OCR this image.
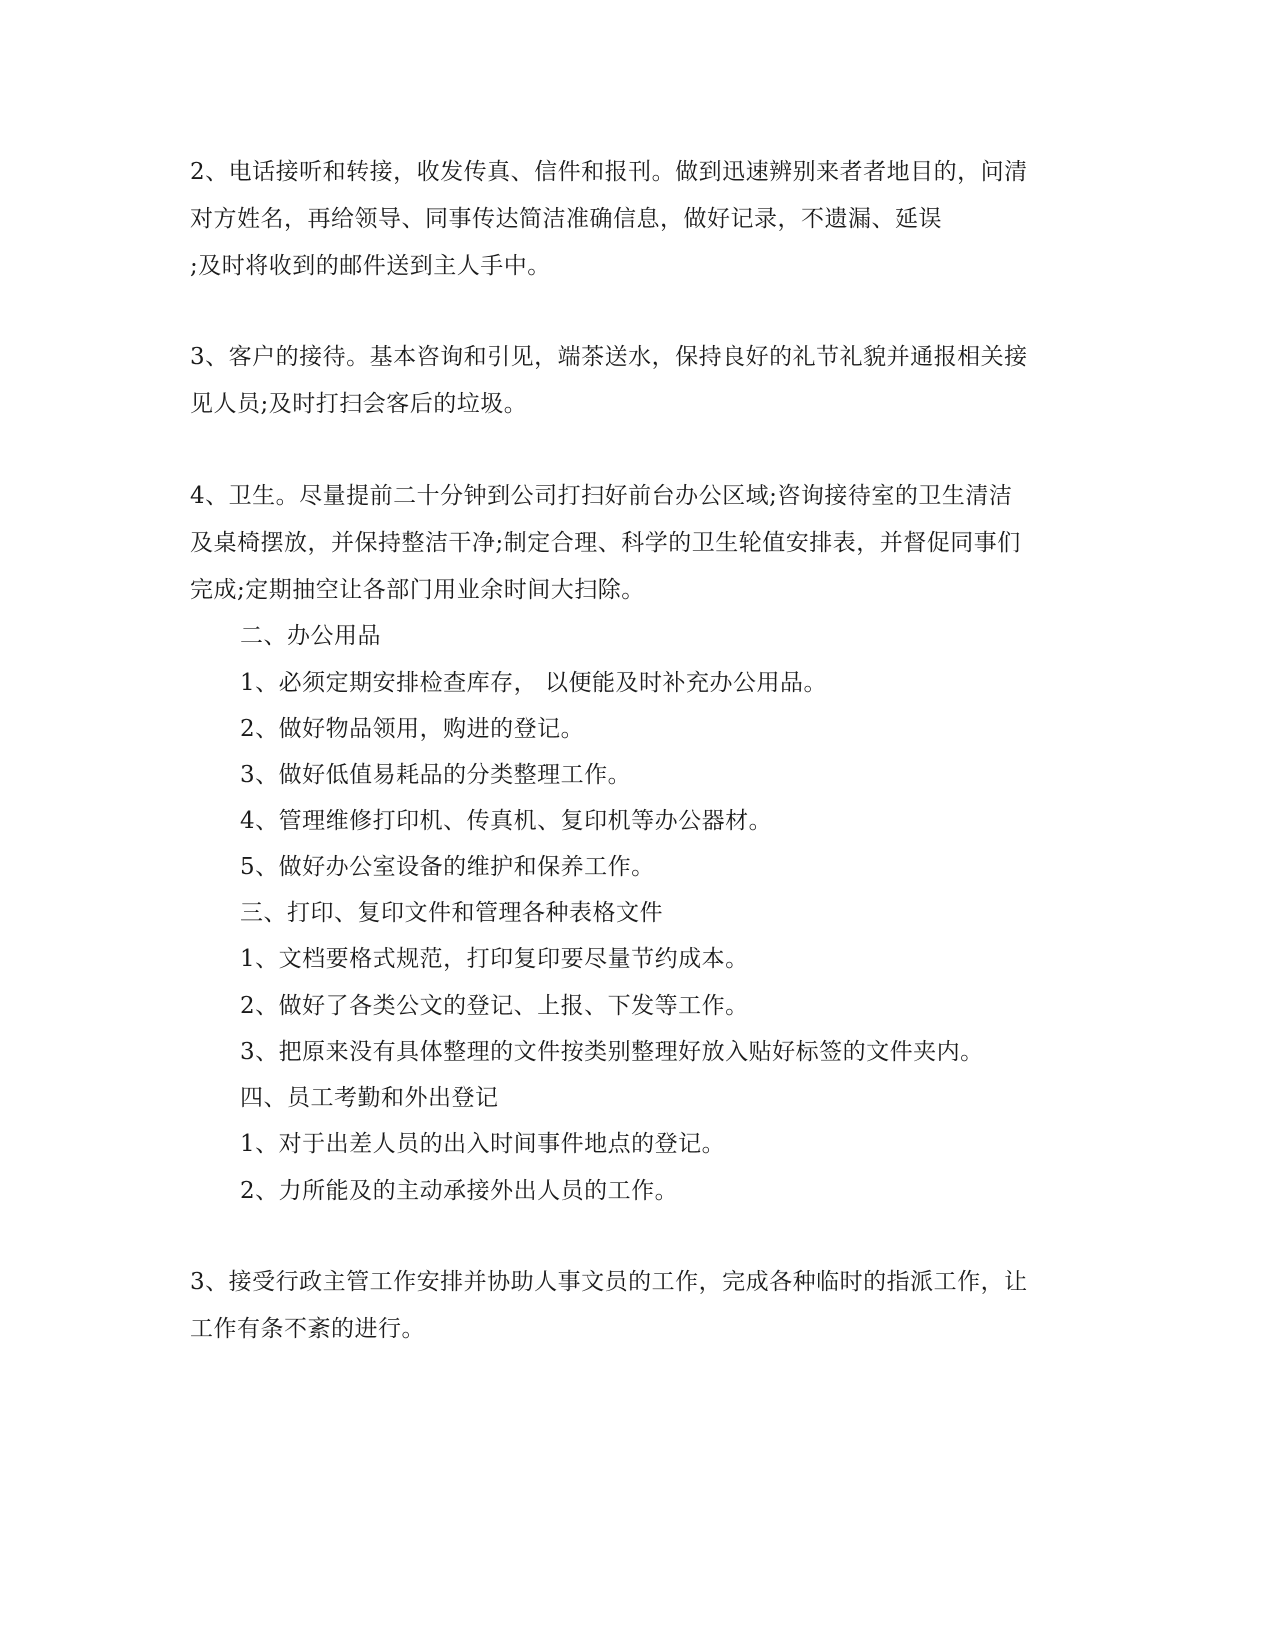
2、电话接听和转接，收发传真、信件和报刊。做到迅速辨别来者者地目的，问清
对方姓名，再给领导、同事传达简洁准确信息，做好记录，不遗漏、延误
;及时将收到的邮件送到主人手中。
3、客户的接待。基本咨询和引见，端茶送水，保持良好的礼节礼貌并通报相关接
见人员;及时打扫会客后的垃圾。
4、卫生。尽量提前二十分钟到公司打扫好前台办公区域;咨询接待室的卫生清洁
及桌椅摆放，并保持整洁干净;制定合理、科学的卫生轮值安排表，并督促同事们
完成;定期抽空让各部门用业余时间大扫除。
二、办公用品
1、必须定期安排检查库存， 以便能及时补充办公用品。
2、做好物品领用，购进的登记。
3、做好低值易耗品的分类整理工作。
4、管理维修打印机、传真机、复印机等办公器材。
5、做好办公室设备的维护和保养工作。
三、打印、复印文件和管理各种表格文件
1、文档要格式规范，打印复印要尽量节约成本。
2、做好了各类公文的登记、上报、下发等工作。
3、把原来没有具体整理的文件按类别整理好放入贴好标签的文件夹内。
四、员工考勤和外出登记
1、对于出差人员的出入时间事件地点的登记。
2、力所能及的主动承接外出人员的工作。
3、接受行政主管工作安排并协助人事文员的工作，完成各种临时的指派工作，让
工作有条不紊的进行。
